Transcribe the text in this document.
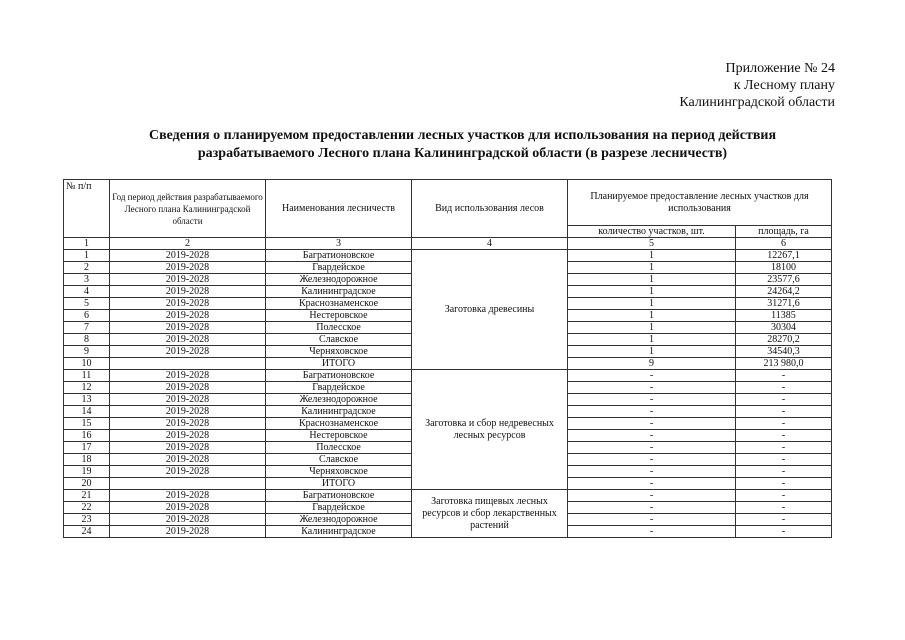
Приложение № 24
к Лесному плану
Калининградской области
Сведения о планируемом предоставлении лесных участков для использования на период действия
разрабатываемого Лесного плана Калининградской области (в разрезе лесничеств)
№ п/п	Год период действия разрабатываемого Лесного плана Калининградской области	Наименования лесничеств	Вид использования лесов	Планируемое предоставление лесных участков для использования	
				количество участков, шт.	площадь, га
1	2	3	4	5	6
1	2019-2028	Багратионовское	Заготовка древесины	1	12267,1
2	2019-2028	Гвардейское		1	18100
3	2019-2028	Железнодорожное		1	23577,6
4	2019-2028	Калининградское		1	24264,2
5	2019-2028	Краснознаменское		1	31271,6
6	2019-2028	Нестеровское		1	11385
7	2019-2028	Полесское		1	30304
8	2019-2028	Славское		1	28270,2
9	2019-2028	Черняховское		1	34540,3
10		ИТОГО		9	213 980,0
11	2019-2028	Багратионовское	Заготовка и сбор недревесных лесных ресурсов	-	-
12	2019-2028	Гвардейское		-	-
13	2019-2028	Железнодорожное		-	-
14	2019-2028	Калининградское		-	-
15	2019-2028	Краснознаменское		-	-
16	2019-2028	Нестеровское		-	-
17	2019-2028	Полесское		-	-
18	2019-2028	Славское		-	-
19	2019-2028	Черняховское		-	-
20		ИТОГО		-	-
21	2019-2028	Багратионовское	Заготовка пищевых лесных ресурсов и сбор лекарственных растений	-	-
22	2019-2028	Гвардейское		-	-
23	2019-2028	Железнодорожное		-	-
24	2019-2028	Калининградское		-	-
